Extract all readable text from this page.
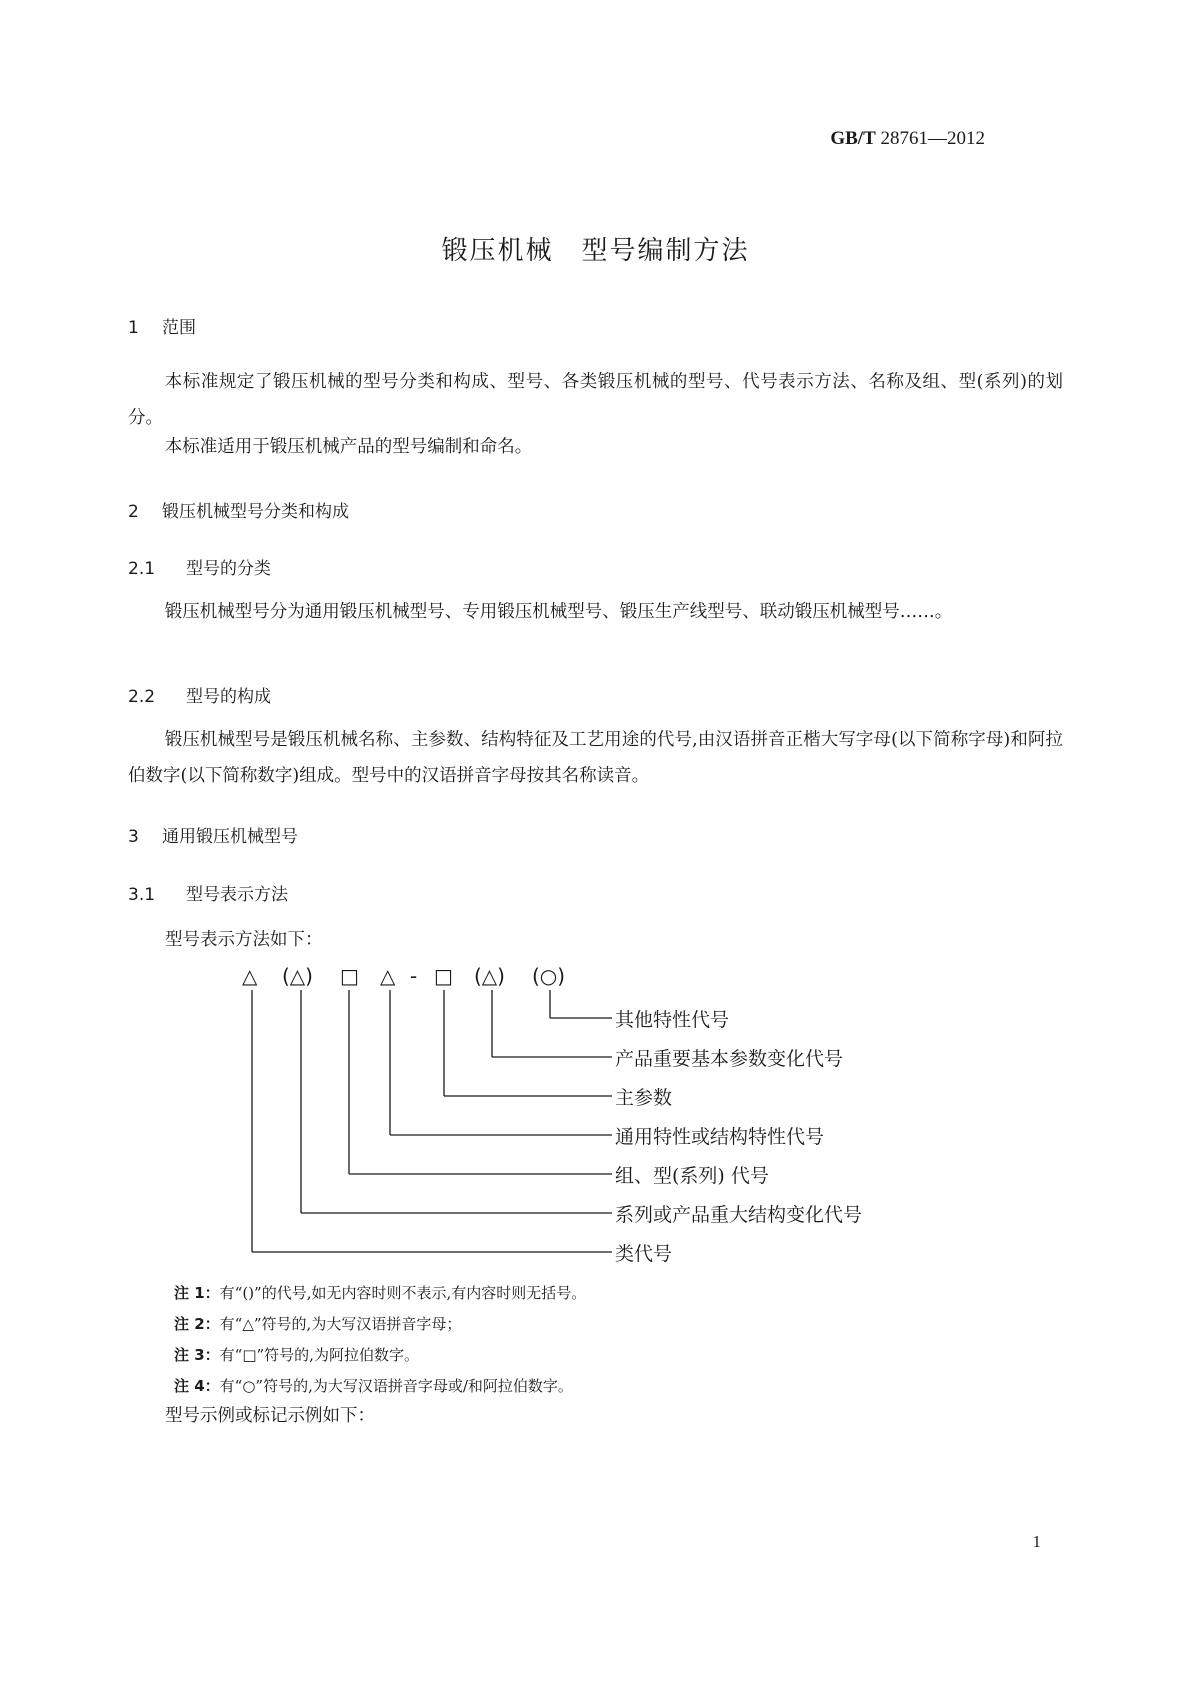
GB/T 28761—2012
锻压机械　型号编制方法
1 范围
本标准规定了锻压机械的型号分类和构成、型号、各类锻压机械的型号、代号表示方法、名称及组、型(系列)的划分。
本标准适用于锻压机械产品的型号编制和命名。
2 锻压机械型号分类和构成
2.1 型号的分类
锻压机械型号分为通用锻压机械型号、专用锻压机械型号、锻压生产线型号、联动锻压机械型号……。
2.2 型号的构成
锻压机械型号是锻压机械名称、主参数、结构特征及工艺用途的代号,由汉语拼音正楷大写字母(以下简称字母)和阿拉伯数字(以下简称数字)组成。型号中的汉语拼音字母按其名称读音。
3 通用锻压机械型号
3.1 型号表示方法
型号表示方法如下：
△ (△) □ △ - □ (△) (○)
其他特性代号
产品重要基本参数变化代号
主参数
通用特性或结构特性代号
组、型(系列) 代号
系列或产品重大结构变化代号
类代号
注 1：有“()”的代号,如无内容时则不表示,有内容时则无括号。
注 2：有“△”符号的,为大写汉语拼音字母；
注 3：有“□”符号的,为阿拉伯数字。
注 4：有“○”符号的,为大写汉语拼音字母或/和阿拉伯数字。
型号示例或标记示例如下：
1
